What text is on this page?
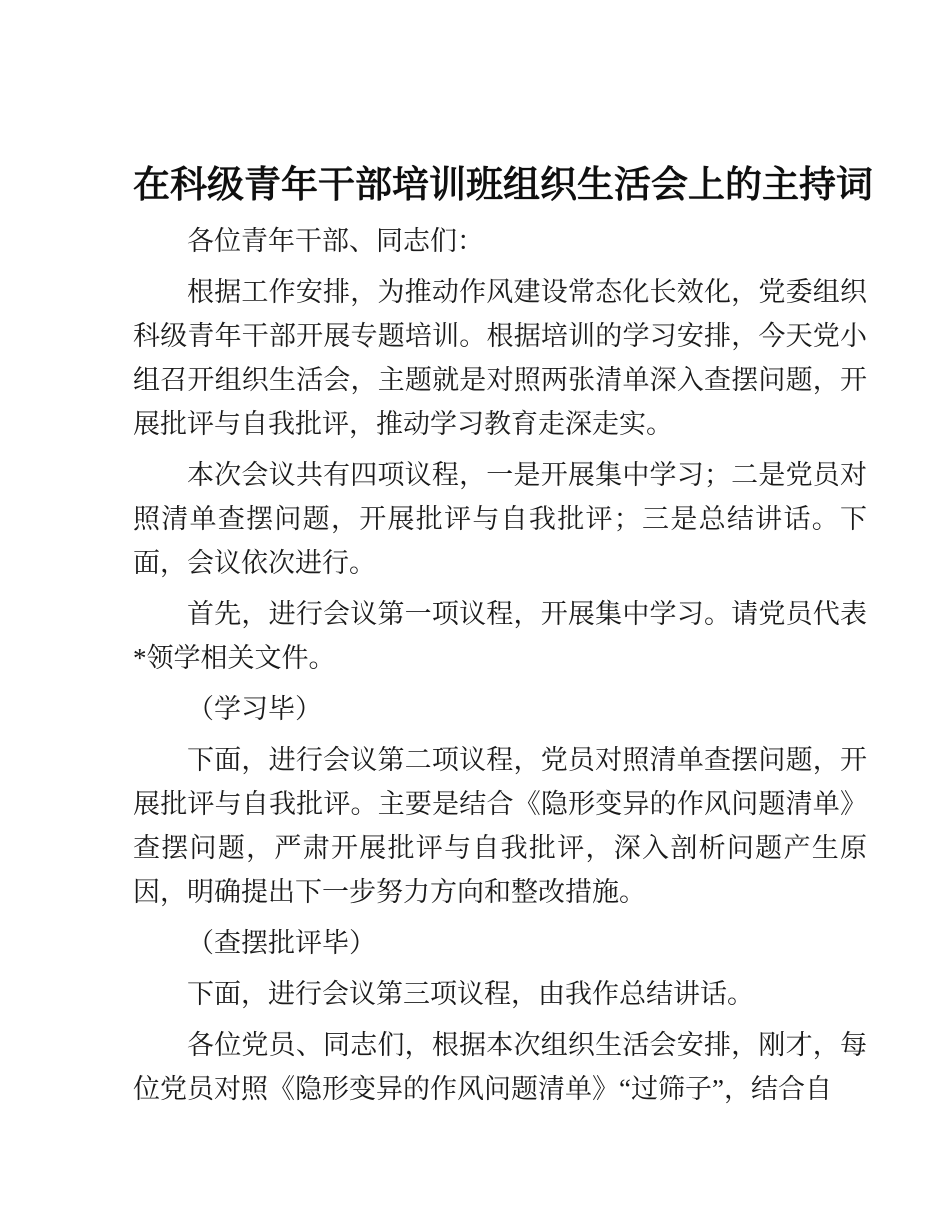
在科级青年干部培训班组织生活会上的主持词

各位青年干部、同志们：

根据工作安排，为推动作风建设常态化长效化，党委组织科级青年干部开展专题培训。根据培训的学习安排，今天党小组召开组织生活会，主题就是对照两张清单深入查摆问题，开展批评与自我批评，推动学习教育走深走实。

本次会议共有四项议程，一是开展集中学习；二是党员对照清单查摆问题，开展批评与自我批评；三是总结讲话。下面，会议依次进行。

首先，进行会议第一项议程，开展集中学习。请党员代表*领学相关文件。

（学习毕）

下面，进行会议第二项议程，党员对照清单查摆问题，开展批评与自我批评。主要是结合《隐形变异的作风问题清单》查摆问题，严肃开展批评与自我批评，深入剖析问题产生原因，明确提出下一步努力方向和整改措施。

（查摆批评毕）

下面，进行会议第三项议程，由我作总结讲话。

各位党员、同志们，根据本次组织生活会安排，刚才，每位党员对照《隐形变异的作风问题清单》“过筛子”，结合自
